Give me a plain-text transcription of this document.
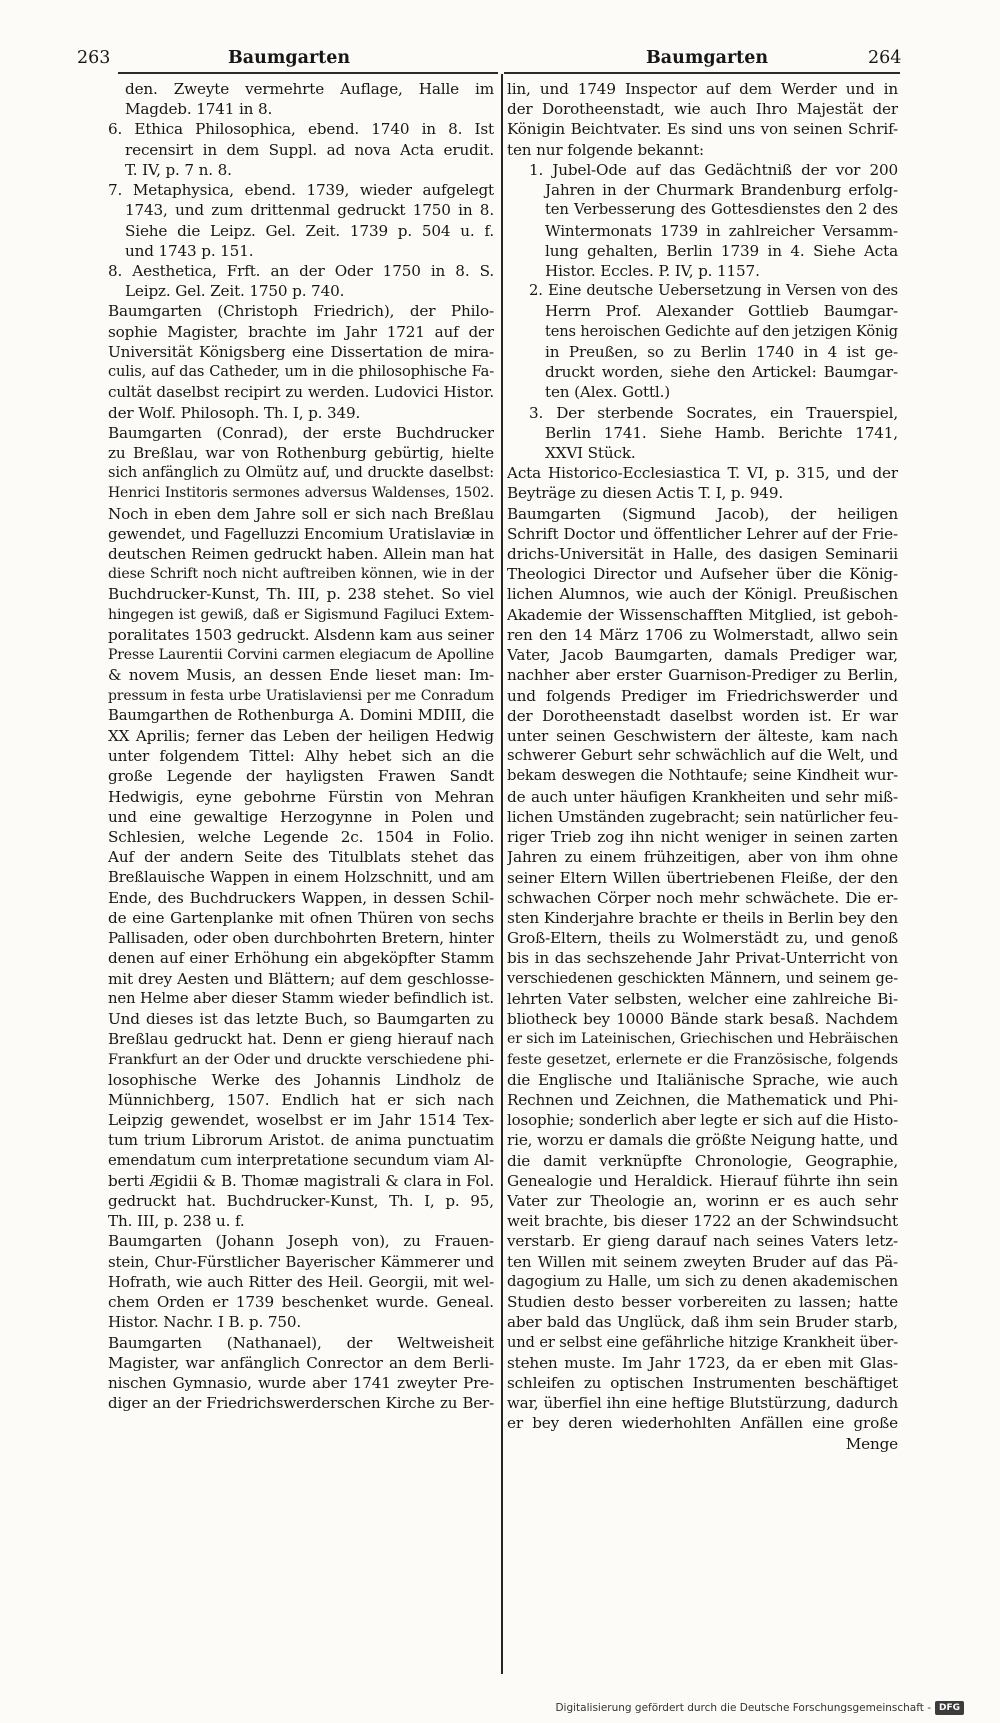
263	Baumgarten	Baumgarten	264
den. Zweyte vermehrte Auflage, Halle im
Magdeb. 1741 in 8.
6. Ethica Philosophica, ebend. 1740 in 8. Ist
recensirt in dem Suppl. ad nova Acta erudit.
T. IV, p. 7 n. 8.
7. Metaphysica, ebend. 1739, wieder aufgelegt
1743, und zum drittenmal gedruckt 1750 in 8.
Siehe die Leipz. Gel. Zeit. 1739 p. 504 u. f.
und 1743 p. 151.
8. Aesthetica, Frft. an der Oder 1750 in 8. S.
Leipz. Gel. Zeit. 1750 p. 740.
Baumgarten (Christoph Friedrich), der Philo-
sophie Magister, brachte im Jahr 1721 auf der
Universität Königsberg eine Dissertation de mira-
culis, auf das Catheder, um in die philosophische Fa-
cultät daselbst recipirt zu werden. Ludovici Histor.
der Wolf. Philosoph. Th. I, p. 349.
Baumgarten (Conrad), der erste Buchdrucker
zu Breßlau, war von Rothenburg gebürtig, hielte
sich anfänglich zu Olmütz auf, und druckte daselbst:
Henrici Institoris sermones adversus Waldenses, 1502.
Noch in eben dem Jahre soll er sich nach Breßlau
gewendet, und Fagelluzzi Encomium Uratislaviæ in
deutschen Reimen gedruckt haben. Allein man hat
diese Schrift noch nicht auftreiben können, wie in der
Buchdrucker-Kunst, Th. III, p. 238 stehet. So viel
hingegen ist gewiß, daß er Sigismund Fagiluci Extem-
poralitates 1503 gedruckt. Alsdenn kam aus seiner
Presse Laurentii Corvini carmen elegiacum de Apolline
& novem Musis, an dessen Ende lieset man: Im-
pressum in festa urbe Uratislaviensi per me Conradum
Baumgarthen de Rothenburga A. Domini MDIII, die
XX Aprilis; ferner das Leben der heiligen Hedwig
unter folgendem Tittel: Alhy hebet sich an die
große Legende der hayligsten Frawen Sandt
Hedwigis, eyne gebohrne Fürstin von Mehran
und eine gewaltige Herzogynne in Polen und
Schlesien, welche Legende 2c. 1504 in Folio.
Auf der andern Seite des Titulblats stehet das
Breßlauische Wappen in einem Holzschnitt, und am
Ende, des Buchdruckers Wappen, in dessen Schil-
de eine Gartenplanke mit ofnen Thüren von sechs
Pallisaden, oder oben durchbohrten Bretern, hinter
denen auf einer Erhöhung ein abgeköpfter Stamm
mit drey Aesten und Blättern; auf dem geschlosse-
nen Helme aber dieser Stamm wieder befindlich ist.
Und dieses ist das letzte Buch, so Baumgarten zu
Breßlau gedruckt hat. Denn er gieng hierauf nach
Frankfurt an der Oder und druckte verschiedene phi-
losophische Werke des Johannis Lindholz de
Münnichberg, 1507. Endlich hat er sich nach
Leipzig gewendet, woselbst er im Jahr 1514 Tex-
tum trium Librorum Aristot. de anima punctuatim
emendatum cum interpretatione secundum viam Al-
berti Ægidii & B. Thomæ magistrali & clara in Fol.
gedruckt hat. Buchdrucker-Kunst, Th. I, p. 95,
Th. III, p. 238 u. f.
Baumgarten (Johann Joseph von), zu Frauen-
stein, Chur-Fürstlicher Bayerischer Kämmerer und
Hofrath, wie auch Ritter des Heil. Georgii, mit wel-
chem Orden er 1739 beschenket wurde. Geneal.
Histor. Nachr. I B. p. 750.
Baumgarten (Nathanael), der Weltweisheit
Magister, war anfänglich Conrector an dem Berli-
nischen Gymnasio, wurde aber 1741 zweyter Pre-
diger an der Friedrichswerderschen Kirche zu Ber-
lin, und 1749 Inspector auf dem Werder und in
der Dorotheenstadt, wie auch Ihro Majestät der
Königin Beichtvater. Es sind uns von seinen Schrif-
ten nur folgende bekannt:
1. Jubel-Ode auf das Gedächtniß der vor 200
Jahren in der Churmark Brandenburg erfolg-
ten Verbesserung des Gottesdienstes den 2 des
Wintermonats 1739 in zahlreicher Versamm-
lung gehalten, Berlin 1739 in 4. Siehe Acta
Histor. Eccles. P. IV, p. 1157.
2. Eine deutsche Uebersetzung in Versen von des
Herrn Prof. Alexander Gottlieb Baumgar-
tens heroischen Gedichte auf den jetzigen König
in Preußen, so zu Berlin 1740 in 4 ist ge-
druckt worden, siehe den Artickel: Baumgar-
ten (Alex. Gottl.)
3. Der sterbende Socrates, ein Trauerspiel,
Berlin 1741. Siehe Hamb. Berichte 1741,
XXVI Stück.
Acta Historico-Ecclesiastica T. VI, p. 315, und der
Beyträge zu diesen Actis T. I, p. 949.
Baumgarten (Sigmund Jacob), der heiligen
Schrift Doctor und öffentlicher Lehrer auf der Frie-
drichs-Universität in Halle, des dasigen Seminarii
Theologici Director und Aufseher über die König-
lichen Alumnos, wie auch der Königl. Preußischen
Akademie der Wissenschafften Mitglied, ist geboh-
ren den 14 März 1706 zu Wolmerstadt, allwo sein
Vater, Jacob Baumgarten, damals Prediger war,
nachher aber erster Guarnison-Prediger zu Berlin,
und folgends Prediger im Friedrichswerder und
der Dorotheenstadt daselbst worden ist. Er war
unter seinen Geschwistern der älteste, kam nach
schwerer Geburt sehr schwächlich auf die Welt, und
bekam deswegen die Nothtaufe; seine Kindheit wur-
de auch unter häufigen Krankheiten und sehr miß-
lichen Umständen zugebracht; sein natürlicher feu-
riger Trieb zog ihn nicht weniger in seinen zarten
Jahren zu einem frühzeitigen, aber von ihm ohne
seiner Eltern Willen übertriebenen Fleiße, der den
schwachen Cörper noch mehr schwächete. Die er-
sten Kinderjahre brachte er theils in Berlin bey den
Groß-Eltern, theils zu Wolmerstädt zu, und genoß
bis in das sechszehende Jahr Privat-Unterricht von
verschiedenen geschickten Männern, und seinem ge-
lehrten Vater selbsten, welcher eine zahlreiche Bi-
bliotheck bey 10000 Bände stark besaß. Nachdem
er sich im Lateinischen, Griechischen und Hebräischen
feste gesetzet, erlernete er die Französische, folgends
die Englische und Italiänische Sprache, wie auch
Rechnen und Zeichnen, die Mathematick und Phi-
losophie; sonderlich aber legte er sich auf die Histo-
rie, worzu er damals die größte Neigung hatte, und
die damit verknüpfte Chronologie, Geographie,
Genealogie und Heraldick. Hierauf führte ihn sein
Vater zur Theologie an, worinn er es auch sehr
weit brachte, bis dieser 1722 an der Schwindsucht
verstarb. Er gieng darauf nach seines Vaters letz-
ten Willen mit seinem zweyten Bruder auf das Pä-
dagogium zu Halle, um sich zu denen akademischen
Studien desto besser vorbereiten zu lassen; hatte
aber bald das Unglück, daß ihm sein Bruder starb,
und er selbst eine gefährliche hitzige Krankheit über-
stehen muste. Im Jahr 1723, da er eben mit Glas-
schleifen zu optischen Instrumenten beschäftiget
war, überfiel ihn eine heftige Blutstürzung, dadurch
er bey deren wiederhohlten Anfällen eine große
Menge
Digitalisierung gefördert durch die Deutsche Forschungsgemeinschaft - DFG
